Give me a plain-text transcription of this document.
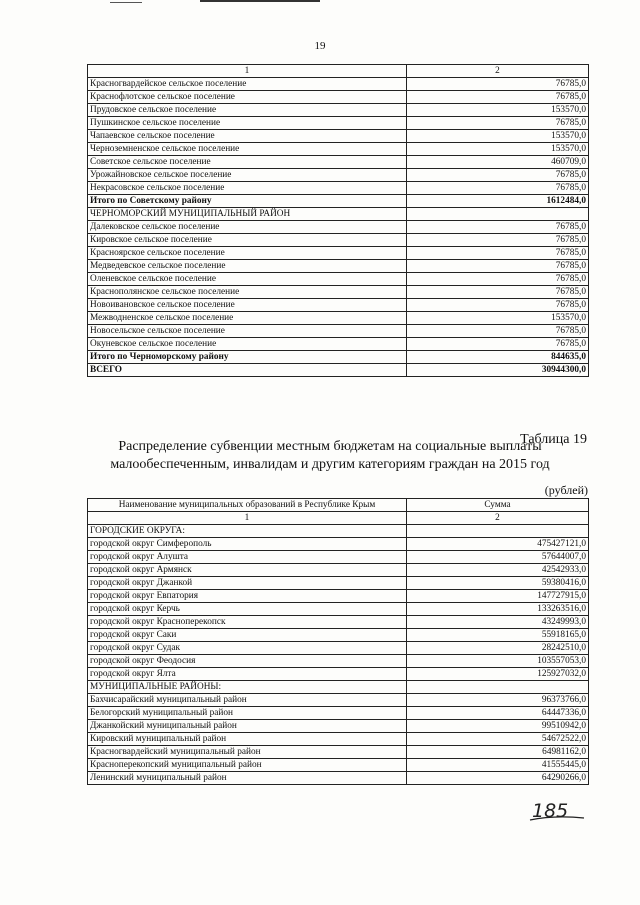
19
1	2
Красногвардейское сельское поселение	76785,0
Краснофлотское сельское поселение	76785,0
Прудовское сельское поселение	153570,0
Пушкинское сельское поселение	76785,0
Чапаевское сельское поселение	153570,0
Черноземненское сельское поселение	153570,0
Советское сельское поселение	460709,0
Урожайновское сельское поселение	76785,0
Некрасовское сельское поселение	76785,0
Итого по Советскому району	1612484,0
ЧЕРНОМОРСКИЙ МУНИЦИПАЛЬНЫЙ РАЙОН	
Далековское сельское поселение	76785,0
Кировское сельское поселение	76785,0
Краснoярское сельское поселение	76785,0
Медведевское сельское поселение	76785,0
Оленевское сельское поселение	76785,0
Краснополянское сельское поселение	76785,0
Новоивановское сельское поселение	76785,0
Межводненское сельское поселение	153570,0
Новосельское сельское поселение	76785,0
Окуневское сельское поселение	76785,0
Итого по Черноморскому району	844635,0
ВСЕГО	30944300,0
Таблица 19
Распределение субвенции местным бюджетам на социальные выплаты малообеспеченным, инвалидам и другим категориям граждан на 2015 год
(рублей)
Наименование муниципальных образований в Республике Крым	Сумма
1	2
ГОРОДСКИЕ ОКРУГА:	
городской округ Симферополь	475427121,0
городской округ Алушта	57644007,0
городской округ Армянск	42542933,0
городской округ Джанкой	59380416,0
городской округ Евпатория	147727915,0
городской округ Керчь	133263516,0
городской округ Красноперекопск	43249993,0
городской округ Саки	55918165,0
городской округ Судак	28242510,0
городской округ Феодосия	103557053,0
городской округ Ялта	125927032,0
МУНИЦИПАЛЬНЫЕ РАЙОНЫ:	
Бахчисарайский муниципальный район	96373766,0
Белогорский муниципальный район	64447336,0
Джанкойский муниципальный район	99510942,0
Кировский муниципальный район	54672522,0
Красногвардейский муниципальный район	64981162,0
Красноперекопский муниципальный район	41555445,0
Ленинский муниципальный район	64290266,0
185
